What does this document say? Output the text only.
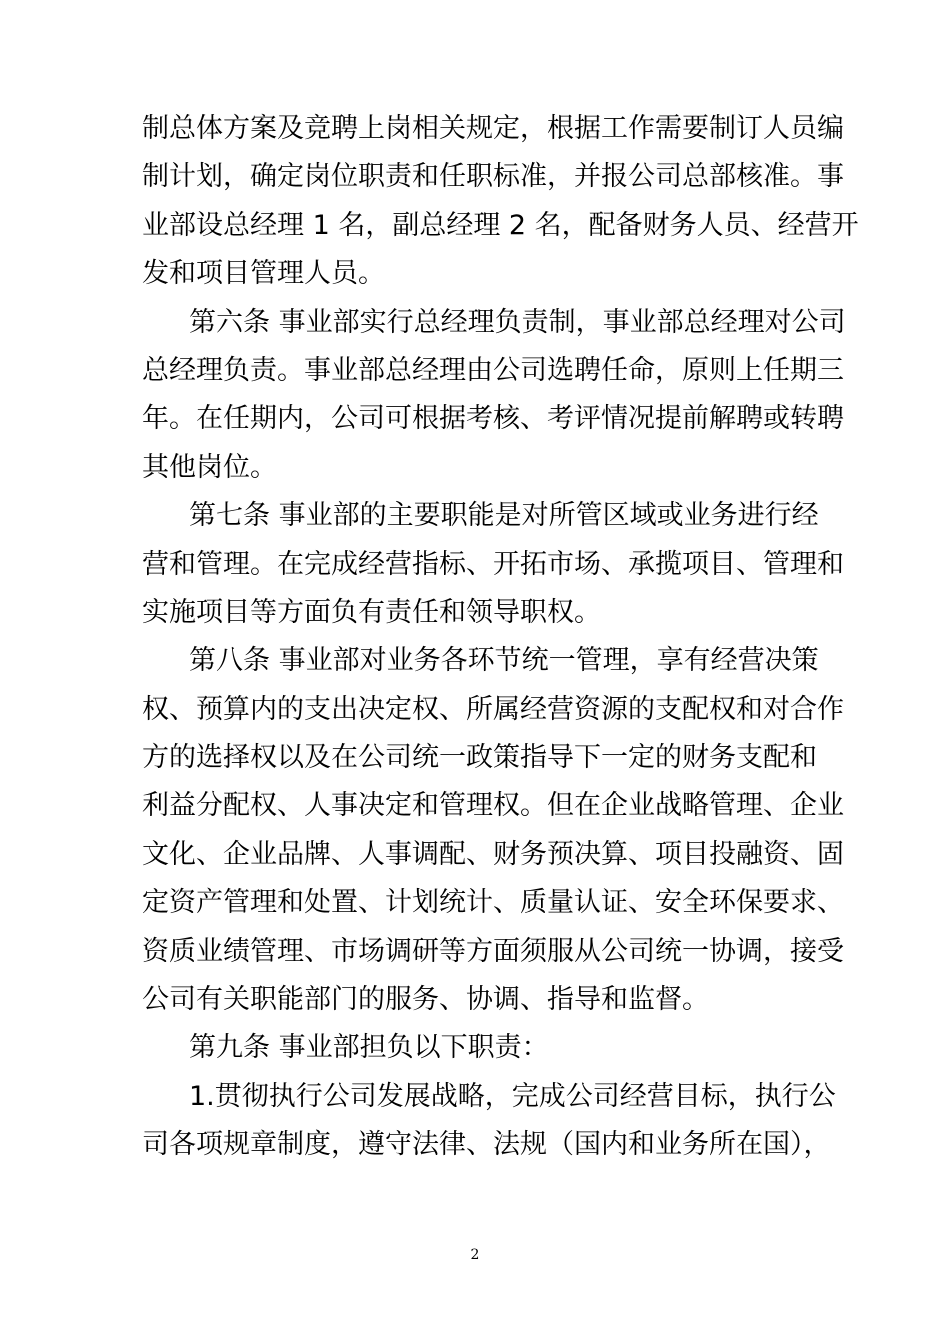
制总体方案及竞聘上岗相关规定，根据工作需要制订人员编
制计划，确定岗位职责和任职标准，并报公司总部核准。事
业部设总经理 1 名，副总经理 2 名，配备财务人员、经营开
发和项目管理人员。
第六条 事业部实行总经理负责制，事业部总经理对公司
总经理负责。事业部总经理由公司选聘任命，原则上任期三
年。在任期内，公司可根据考核、考评情况提前解聘或转聘
其他岗位。
第七条 事业部的主要职能是对所管区域或业务进行经
营和管理。在完成经营指标、开拓市场、承揽项目、管理和
实施项目等方面负有责任和领导职权。
第八条 事业部对业务各环节统一管理，享有经营决策
权、预算内的支出决定权、所属经营资源的支配权和对合作
方的选择权以及在公司统一政策指导下一定的财务支配和
利益分配权、人事决定和管理权。但在企业战略管理、企业
文化、企业品牌、人事调配、财务预决算、项目投融资、固
定资产管理和处置、计划统计、质量认证、安全环保要求、
资质业绩管理、市场调研等方面须服从公司统一协调，接受
公司有关职能部门的服务、协调、指导和监督。
第九条 事业部担负以下职责：
1.贯彻执行公司发展战略，完成公司经营目标，执行公
司各项规章制度，遵守法律、法规（国内和业务所在国），
2
